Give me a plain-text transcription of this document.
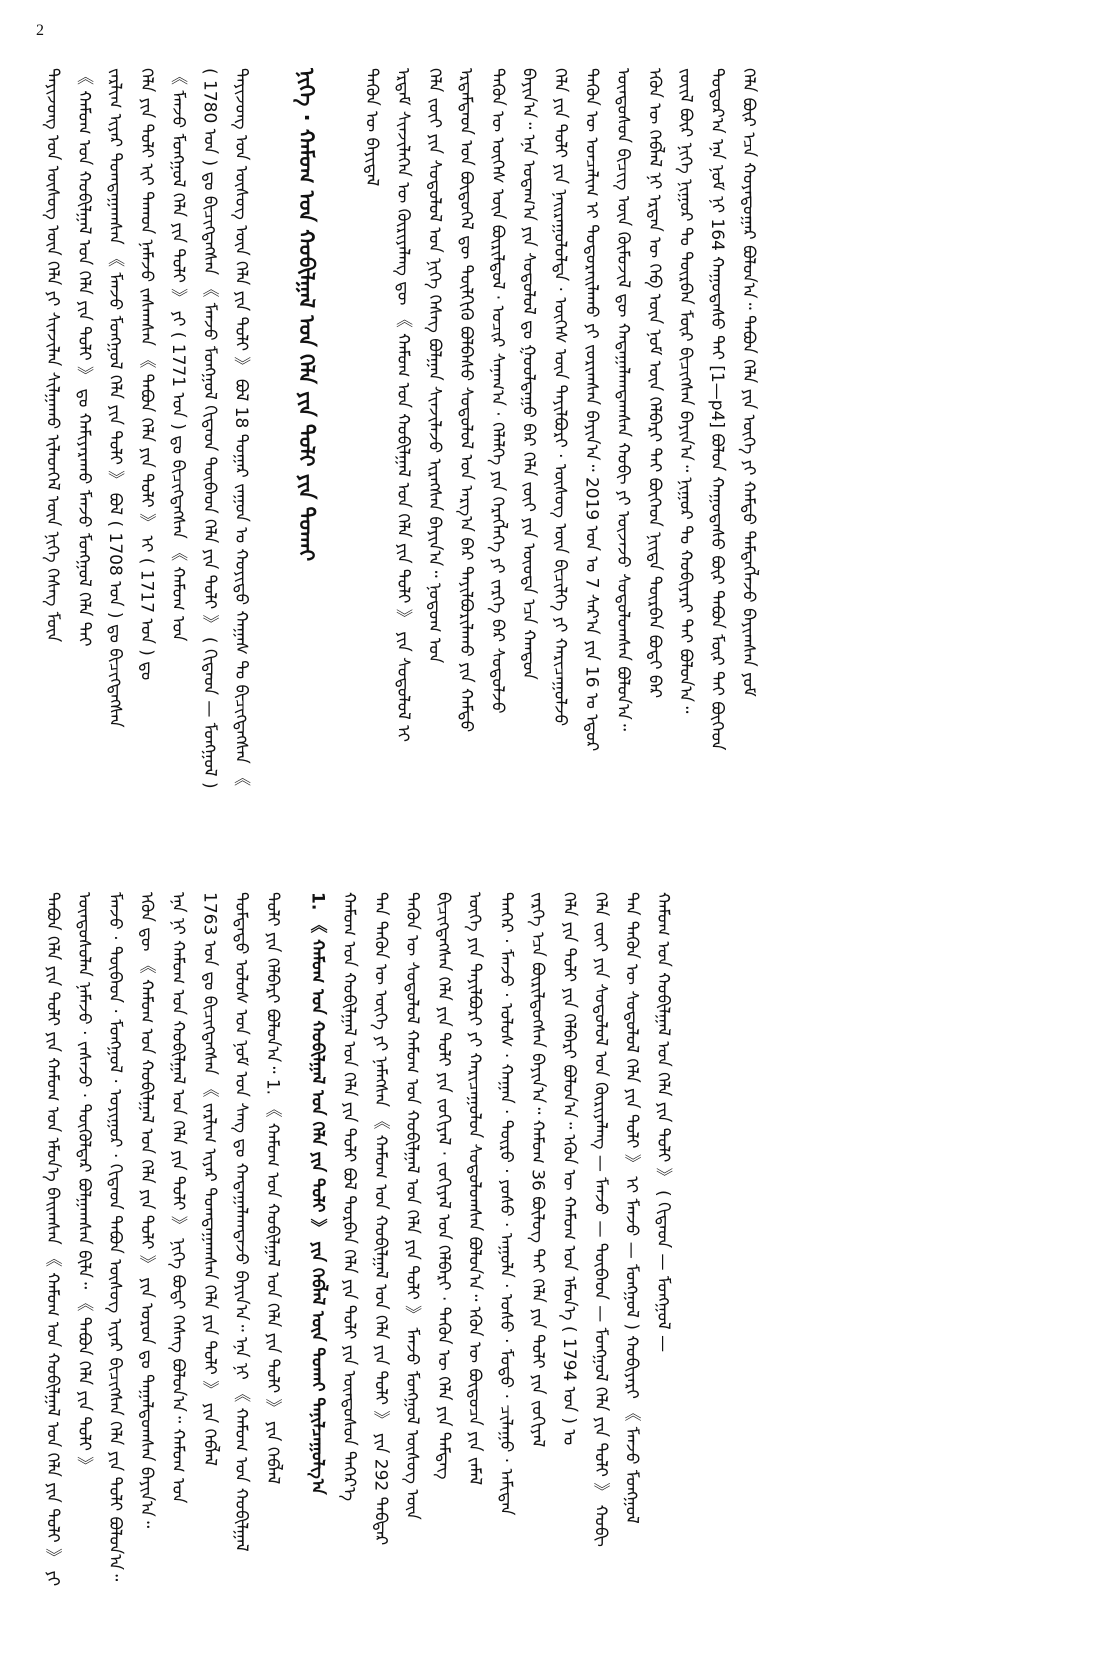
2
ᠲᠠᠶᠢᠵᠤᠩ ᠤᠨ ᠦᠰᠦᠭ ᠦᠨ ᠬᠡᠯᠡ ᠶᠢ ᠰᠢᠨᠵᠢᠯᠡᠨ ᠰᠢᠯᠭᠠᠬᠤ ᠢᠯᠡᠳᠬᠡᠯ ᠦᠨ ᠨᠢᠭᠡ ᠬᠡᠰᠡᠭ ᠮᠥᠨ 《 ᠬᠠᠮᠤᠭ ᠤᠨ ᠬᠤᠪᠢᠯᠭᠠᠯ ᠤᠨ ᠬᠡᠯᠡ ᠶᠢᠨ ᠲᠣᠯᠢ 》 ᠳᠤ ᠬᠠᠮᠢᠶᠠᠷᠠᠬᠤ ᠮᠠᠨᠵᠤ ᠮᠣᠩᠭᠣᠯ ᠬᠡᠯᠡ ᠲᠡᠢ ᠵᠠᠷᠯᠢᠭ ᠢᠶᠠᠷ ᠲᠣᠭᠲᠠᠭᠠᠭᠰᠠᠨ 《 ᠮᠠᠨᠵᠤ ᠮᠣᠩᠭᠣᠯ ᠬᠡᠯᠡ ᠶᠢᠨ ᠲᠣᠯᠢ 》 ᠪᠣᠯ ( 1708 ᠣᠨ ) ᠳᠤ ᠪᠢᠴᠢᠭᠳᠡᠭᠰᠡᠨ ᠬᠡᠯᠡ ᠶᠢᠨ ᠲᠣᠯᠢ ᠢᠢ ᠳᠠᠬᠤᠨ ᠨᠡᠮᠡᠵᠦ ᠵᠠᠰᠠᠭᠰᠠᠨ 《 ᠲᠠᠪᠤᠨ ᠬᠡᠯᠡ ᠶᠢᠨ ᠲᠣᠯᠢ 》 ᠢ ( 1717 ᠣᠨ ) ᠳᠤ 《 ᠮᠠᠨᠵᠤ ᠮᠣᠩᠭᠣᠯ ᠬᠡᠯᠡ ᠶᠢᠨ ᠲᠣᠯᠢ 》 ᠶᠢ ( 1771 ᠣᠨ ) ᠳᠤ ᠪᠢᠴᠢᠭᠳᠡᠭᠰᠡᠨ 《 ᠬᠠᠮᠤᠭ ᠤᠨ ( 1780 ᠣᠨ ) ᠳᠤ ᠪᠢᠴᠢᠭᠳᠡᠭᠰᠡᠨ 《 ᠮᠠᠨᠵᠤ ᠮᠣᠩᠭᠣᠯ ᠬᠢᠲᠠᠳ ᠲᠦᠪᠡᠳ ᠬᠡᠯᠡ ᠶᠢᠨ ᠲᠣᠯᠢ 》 ( ᠬᠢᠲᠠᠳ — ᠮᠣᠩᠭᠣᠯ ) ᠲᠠᠶᠢᠵᠤᠩ ᠤᠨ ᠦᠰᠦᠭ ᠦᠨ ᠬᠡᠯᠡ ᠶᠢᠨ ᠲᠣᠯᠢ 》 ᠪᠣᠯ 18 ᠳᠤᠭᠠᠷ ᠵᠠᠭᠤᠨ ᠤ ᠬᠣᠶᠢᠳᠤ ᠬᠠᠭᠠᠰ ᠲᠤ ᠪᠢᠴᠢᠭᠳᠡᠭᠰᠡᠨ 《 ᠨᠢᠭᠡ · ᠬᠠᠮᠤᠭ ᠤᠨ ᠬᠤᠪᠢᠯᠭᠠᠯ ᠤᠨ ᠬᠡᠯᠡ ᠶᠢᠨ ᠲᠣᠯᠢ ᠶᠢᠨ ᠲᠤᠬᠠᠢ	ᠲᠡᠭᠦᠨ ᠦ ᠪᠠᠶᠢᠳᠠᠯ ᠡᠷᠳᠡᠮ ᠰᠢᠨᠵᠢᠯᠡᠭᠡᠨ ᠦ ᠬᠦᠷᠢᠶᠡᠯᠡᠩ ᠳᠦ 《 ᠬᠠᠮᠤᠭ ᠤᠨ ᠬᠤᠪᠢᠯᠭᠠᠯ ᠤᠨ ᠬᠡᠯᠡ ᠶᠢᠨ ᠲᠣᠯᠢ 》 ᠶᠢᠨ ᠰᠤᠳᠤᠯᠤᠯ ᠢ ᠬᠡᠯᠡ ᠵᠦᠢ ᠶᠢᠨ ᠰᠤᠳᠤᠯᠤᠯ ᠤᠨ ᠨᠢᠭᠡ ᠬᠡᠰᠡᠭ ᠪᠣᠯᠭᠠᠨ ᠰᠢᠨᠵᠢᠯᠡᠵᠦ ᠢᠷᠡᠭᠰᠡᠨ ᠪᠠᠶᠢᠨ᠎ᠠ᠃ ᠨᠤᠲᠤᠭ ᠤᠨ ᠡᠷᠳᠡᠮᠲᠡᠳ ᠤᠨ ᠪᠦᠲᠦᠭᠡᠯ ᠳᠦ ᠲᠦᠯᠬᠢᠬᠦ ᠪᠣᠯᠪᠠᠰᠤ ᠰᠤᠳᠤᠯᠤᠯ ᠤᠨ ᠠᠷᠭ᠎ᠠ ᠪᠠᠷ ᠲᠠᠶᠢᠯᠪᠤᠷᠢᠯᠠᠬᠤ ᠶᠢᠨ ᠬᠠᠮᠲᠤ ᠲᠡᠭᠦᠨ ᠦ ᠦᠭᠡᠰ ᠦᠨ ᠪᠦᠷᠢᠯᠳᠦᠯ · ᠤᠴᠢᠷ ᠰᠠᠨᠠᠭ᠎ᠠ · ᠬᠡᠯᠡᠯᠭᠡ ᠶᠢᠨ ᠬᠡᠷᠡᠭᠯᠡᠭᠡ ᠶᠢ ᠵᠡᠷᠭᠡ ᠪᠡᠷ ᠰᠤᠳᠤᠯᠵᠤ ᠪᠠᠶᠢᠨ᠎ᠠ᠃ ᠡᠨᠡ ᠤᠳᠠᠭ᠎ᠠ ᠶᠢᠨ ᠰᠤᠳᠤᠯᠤᠯ ᠳᠤ ᠭᠤᠤᠯᠳᠠᠭᠤ ᠪᠡᠷ ᠬᠡᠯᠡ ᠵᠦᠢ ᠶᠢᠨ ᠦᠦᠳᠡ ᠡᠴᠡ ᠬᠠᠨᠳᠤᠨ ᠬᠡᠯᠡ ᠶᠢᠨ ᠲᠣᠯᠢ ᠶᠢᠨ ᠨᠠᠢᠷᠠᠭᠤᠯᠤᠯᠲᠠ · ᠦᠭᠡᠰ ᠦᠨ ᠲᠠᠶᠢᠯᠪᠤᠷᠢ · ᠦᠰᠦᠭ ᠦᠨ ᠪᠢᠴᠢᠯᠭᠡ ᠶᠢ ᠬᠠᠷᠢᠴᠠᠭᠤᠯᠵᠤ ᠲᠡᠭᠦᠨ ᠦ ᠤᠨᠴᠠᠯᠢᠭ ᠢ ᠲᠣᠳᠣᠷᠠᠢᠯᠠᠬᠤ ᠶᠢ ᠵᠣᠷᠢᠭᠰᠠᠨ ᠪᠠᠶᠢᠨ᠎ᠠ᠃ 2019 ᠣᠨ ᠤ 7 ᠰᠠᠷ᠎ᠠ ᠶᠢᠨ 16 ᠤ ᠡᠳᠦᠷ ᠦᠨᠳᠦᠰᠦᠨ ᠪᠢᠴᠢᠭ ᠦᠨ ᠬᠦᠮᠦᠵᠢᠯ ᠳᠦ ᠬᠠᠳᠠᠭᠠᠯᠠᠭᠳᠠᠭᠰᠠᠨ ᠬᠤᠪᠢ ᠶᠢ ᠦᠵᠡᠵᠦ ᠰᠤᠳᠤᠯᠤᠭᠰᠠᠨ ᠪᠣᠯᠤᠨ᠎ᠠ᠃ ᠡᠭᠦᠨ ᠦ ᠬᠡᠪᠯᠡᠯ ᠨᠢ ᠡᠷᠲᠡᠨ ᠦ ᠬᠡᠪ ᠦᠨ ᠨᠣᠮ ᠦᠨ ᠬᠡᠯᠪᠡᠷᠢ ᠲᠡᠢ ᠪᠥᠭᠡᠳ ᠨᠢᠢᠲᠡ ᠳᠦᠷᠪᠡᠨ ᠪᠣᠳᠢ ᠪᠠᠷ ᠵᠦᠢᠯ ᠪᠦᠷ ᠨᠢᠭᠡ ᠨᠢᠭᠤᠷ ᠲᠤ ᠳᠥᠷᠪᠡᠨ ᠮᠥᠷ ᠪᠢᠴᠢᠭᠰᠡᠨ ᠪᠠᠶᠢᠨ᠎ᠠ᠃ ᠨᠢᠭᠤᠷ ᠲᠤ ᠬᠤᠪᠢᠶᠠᠷᠢ ᠲᠠᠢ ᠪᠣᠯᠤᠨ᠎ᠠ᠃ ᠳᠣᠲᠣᠷ᠎ᠠ ᠡᠨᠡ ᠨᠣᠮ ᠨᠢ 164 ᠬᠠᠭᠤᠳᠠᠰᠤ ᠲᠠᠢ [1—p4] ᠪᠣᠯᠤᠨ ᠬᠠᠭᠤᠳᠠᠰᠤ ᠪᠦᠷ ᠲᠠᠪᠤᠨ ᠮᠥᠷ ᠲᠠᠢ ᠪᠥᠭᠡᠳ ᠬᠡᠯᠡ ᠪᠦᠷ ᠡᠴᠡ ᠬᠣᠶᠠᠳᠤᠭᠠᠷ ᠪᠣᠯᠤᠨ᠎ᠠ᠃ ᠲᠠᠪᠤᠨ ᠬᠡᠯᠡ ᠶᠢᠨ ᠦᠭᠡ ᠶᠢ ᠬᠠᠮᠲᠤ ᠲᠡᠮᠳᠡᠭᠯᠡᠵᠦ ᠪᠠᠶᠢᠭᠰᠠᠨ ᠶᠤᠮ
ᠲᠠᠪᠤᠨ ᠬᠡᠯᠡ ᠶᠢᠨ ᠲᠣᠯᠢ ᠶᠢᠨ ᠬᠠᠮᠤᠭ ᠤᠨ ᠡᠮᠦᠨ᠎ᠡ ᠪᠠᠢᠭᠰᠠᠨ 《 ᠬᠠᠮᠤᠭ ᠤᠨ ᠬᠤᠪᠢᠯᠭᠠᠯ ᠤᠨ ᠬᠡᠯᠡ ᠶᠢᠨ ᠲᠣᠯᠢ 》 ᠶᠢ ᠦᠨᠳᠦᠰᠦᠯᠡᠨ ᠨᠡᠮᠡᠵᠦ · ᠵᠠᠰᠠᠵᠤ · ᠲᠥᠭᠦᠯᠳᠡᠷ ᠪᠣᠯᠭᠠᠭᠰᠠᠨ ᠪᠢᠯᠡ᠃ 《 ᠲᠠᠪᠤᠨ ᠬᠡᠯᠡ ᠶᠢᠨ ᠲᠣᠯᠢ 》 ᠮᠠᠨᠵᠤ · ᠲᠦᠪᠡᠳ · ᠮᠣᠩᠭᠣᠯ · ᠤᠶᠢᠭᠤᠷ · ᠬᠢᠲᠠᠳ ᠲᠠᠪᠤᠨ ᠦᠰᠦᠭ ᠢᠶᠡᠷ ᠪᠢᠴᠢᠭᠰᠡᠨ ᠬᠡᠯᠡ ᠶᠢᠨ ᠲᠣᠯᠢ ᠪᠣᠯᠤᠨ᠎ᠠ᠃ ᠡᠭᠦᠨ ᠳᠦ 《 ᠬᠠᠮᠤᠭ ᠤᠨ ᠬᠤᠪᠢᠯᠭᠠᠯ ᠤᠨ ᠬᠡᠯᠡ ᠶᠢᠨ ᠲᠣᠯᠢ 》 ᠶᠢᠨ ᠣᠷᠤᠨ ᠳᠤ ᠳᠠᠭᠠᠯᠳᠤᠭᠰᠠᠨ ᠪᠠᠶᠢᠨ᠎ᠠ᠃ ᠡᠨᠡ ᠨᠢ ᠬᠠᠮᠤᠭ ᠤᠨ ᠬᠤᠪᠢᠯᠭᠠᠯ ᠤᠨ ᠬᠡᠯᠡ ᠶᠢᠨ ᠲᠣᠯᠢ 》 ᠨᠢᠭᠡ ᠪᠣᠳᠢ ᠬᠡᠰᠡᠭ ᠪᠣᠯᠤᠨ᠎ᠠ᠃ ᠬᠠᠮᠤᠭ ᠤᠨ 1763 ᠣᠨ ᠳᠤ ᠪᠢᠴᠢᠭᠳᠡᠭᠰᠡᠨ 《 ᠵᠠᠷᠯᠢᠭ ᠢᠶᠠᠷ ᠲᠣᠭᠲᠠᠭᠠᠭᠰᠠᠨ ᠬᠡᠯᠡ ᠶᠢᠨ ᠲᠣᠯᠢ 》 ᠶᠢᠨ ᠬᠡᠪᠯᠡᠯ ᠳᠤᠮᠳᠠᠳᠤ ᠤᠯᠤᠰ ᠤᠨ ᠨᠣᠮ ᠤᠨ ᠰᠠᠩ ᠳᠤ ᠬᠠᠳᠠᠭᠠᠯᠠᠭᠳᠠᠵᠤ ᠪᠠᠶᠢᠨ᠎ᠠ᠃ ᠡᠨᠡ ᠨᠢ 《 ᠬᠠᠮᠤᠭ ᠤᠨ ᠬᠤᠪᠢᠯᠭᠠᠯ ᠲᠣᠯᠢ ᠶᠢᠨ ᠬᠡᠯᠪᠡᠷᠢ ᠪᠣᠯᠤᠨ᠎ᠠ᠃ 1. 《 ᠬᠠᠮᠤᠭ ᠤᠨ ᠬᠤᠪᠢᠯᠭᠠᠯ ᠤᠨ ᠬᠡᠯᠡ ᠶᠢᠨ ᠲᠣᠯᠢ 》 ᠶᠢᠨ ᠬᠡᠪᠯᠡᠯ	1. 《 ᠬᠠᠮᠤᠭ ᠤᠨ ᠬᠤᠪᠢᠯᠭᠠᠯ ᠤᠨ ᠬᠡᠯᠡ ᠶᠢᠨ ᠲᠣᠯᠢ 》 ᠶᠢᠨ ᠬᠡᠪᠯᠡᠯ ᠦᠨ ᠲᠤᠬᠠᠢ ᠲᠠᠨᠢᠯᠴᠠᠭᠤᠯᠭ᠎ᠠ ᠬᠠᠮᠤᠭ ᠤᠨ ᠬᠤᠪᠢᠯᠭᠠᠯ ᠤᠨ ᠬᠡᠯᠡ ᠶᠢᠨ ᠲᠣᠯᠢ ᠪᠣᠯ ᠳᠣᠷᠪᠡᠨ ᠬᠡᠯᠡ ᠶᠢᠨ ᠲᠣᠯᠢ ᠶᠢᠨ ᠦᠨᠳᠦᠰᠦᠨ ᠳᠡᠭᠡᠷ᠎ᠡ ᠲᠡᠨ ᠲᠡᠭᠦᠨ ᠦ ᠦᠭᠡ ᠶᠢ ᠨᠡᠮᠡᠭᠰᠡᠨ 《 ᠬᠠᠮᠤᠭ ᠤᠨ ᠬᠤᠪᠢᠯᠭᠠᠯ ᠤᠨ ᠬᠡᠯᠡ ᠶᠢᠨ ᠲᠣᠯᠢ 》 ᠶᠢᠨ 292 ᠳᠡᠪᠲᠡᠷ ᠲᠡᠭᠦᠨ ᠦ ᠰᠤᠳᠤᠯᠤᠯ ᠬᠠᠮᠤᠭ ᠤᠨ ᠬᠤᠪᠢᠯᠭᠠᠯ ᠤᠨ ᠬᠡᠯᠡ ᠶᠢᠨ ᠲᠣᠯᠢ 》 ᠮᠠᠨᠵᠤ ᠮᠣᠩᠭᠣᠯ ᠦᠰᠦᠭ ᠦᠨ ᠪᠢᠴᠢᠭᠳᠡᠭᠰᠡᠨ ᠬᠡᠯᠡ ᠶᠢᠨ ᠲᠣᠯᠢ ᠶᠢᠨ ᠵᠣᠬᠢᠶᠠᠯ · ᠵᠣᠬᠢᠶᠠᠯ ᠤᠨ ᠬᠡᠯᠪᠡᠷᠢ · ᠲᠡᠭᠦᠨ ᠦ ᠬᠡᠯᠡ ᠶᠢᠨ ᠲᠡᠮᠳᠡᠭ ᠦᠭᠡ ᠶᠢᠨ ᠲᠠᠶᠢᠯᠪᠤᠷᠢ ᠶᠢ ᠬᠠᠷᠢᠴᠠᠭᠤᠯᠤᠨ ᠰᠤᠳᠤᠯᠤᠭᠰᠠᠨ ᠪᠣᠯᠤᠨ᠎ᠠ᠃ ᠡᠭᠦᠨ ᠦ ᠪᠦᠲᠦᠴᠡ ᠶᠢᠨ ᠵᠠᠮᠠᠯ ᠲᠡᠨᠭᠡᠷ · ᠮᠠᠨᠵᠤ · ᠤᠯᠤᠰ · ᠬᠠᠭᠠᠨ · ᠲᠦᠷᠦ · ᠶᠣᠰᠣ · ᠠᠭᠤᠯᠠ · ᠤᠰᠤ · ᠮᠣᠳᠣ · ᠴᠢᠯᠠᠭᠤ · ᠠᠮᠢᠲᠠᠨ ᠵᠡᠷᠭᠡ ᠡᠴᠡ ᠪᠦᠷᠢᠯᠳᠦᠭᠰᠡᠨ ᠪᠠᠶᠢᠨ᠎ᠠ᠃ ᠬᠠᠮᠤᠭ 36 ᠪᠦᠯᠦᠭ ᠲᠡᠢ ᠬᠡᠯᠡ ᠶᠢᠨ ᠲᠣᠯᠢ ᠶᠢᠨ ᠵᠣᠬᠢᠶᠠᠯ ᠬᠡᠯᠡ ᠶᠢᠨ ᠲᠣᠯᠢ ᠶᠢᠨ ᠬᠡᠯᠪᠡᠷᠢ ᠪᠣᠯᠤᠨ᠎ᠠ᠃ ᠡᠭᠦᠨ ᠦ ᠬᠠᠮᠤᠭ ᠤᠨ ᠡᠮᠦᠨ᠎ᠡ ( 1794 ᠣᠨ ) ᠤ ᠬᠡᠯᠡ ᠵᠦᠢ ᠶᠢᠨ ᠰᠤᠳᠤᠯᠤᠯ ᠤᠨ ᠬᠦᠷᠢᠶᠡᠯᠡᠩ — ᠮᠠᠨᠵᠤ — ᠲᠦᠪᠡᠳ — ᠮᠣᠩᠭᠣᠯ ᠬᠡᠯᠡ ᠶᠢᠨ ᠲᠣᠯᠢ 》 ᠬᠤᠪᠢ ᠲᠡᠨ ᠲᠡᠭᠦᠨ ᠦ ᠰᠤᠳᠤᠯᠤᠯ ᠬᠡᠯᠡ ᠶᠢᠨ ᠲᠣᠯᠢ 》 ᠢ ᠮᠠᠨᠵᠤ — ᠮᠣᠩᠭᠣᠯ ) ᠬᠤᠪᠢᠶᠠᠷᠢ 《 ᠮᠠᠨᠵᠤ ᠮᠣᠩᠭᠣᠯ ᠬᠠᠮᠤᠭ ᠤᠨ ᠬᠤᠪᠢᠯᠭᠠᠯ ᠤᠨ ᠬᠡᠯᠡ ᠶᠢᠨ ᠲᠣᠯᠢ 》 ( ᠬᠢᠲᠠᠳ — ᠮᠣᠩᠭᠣᠯ —
